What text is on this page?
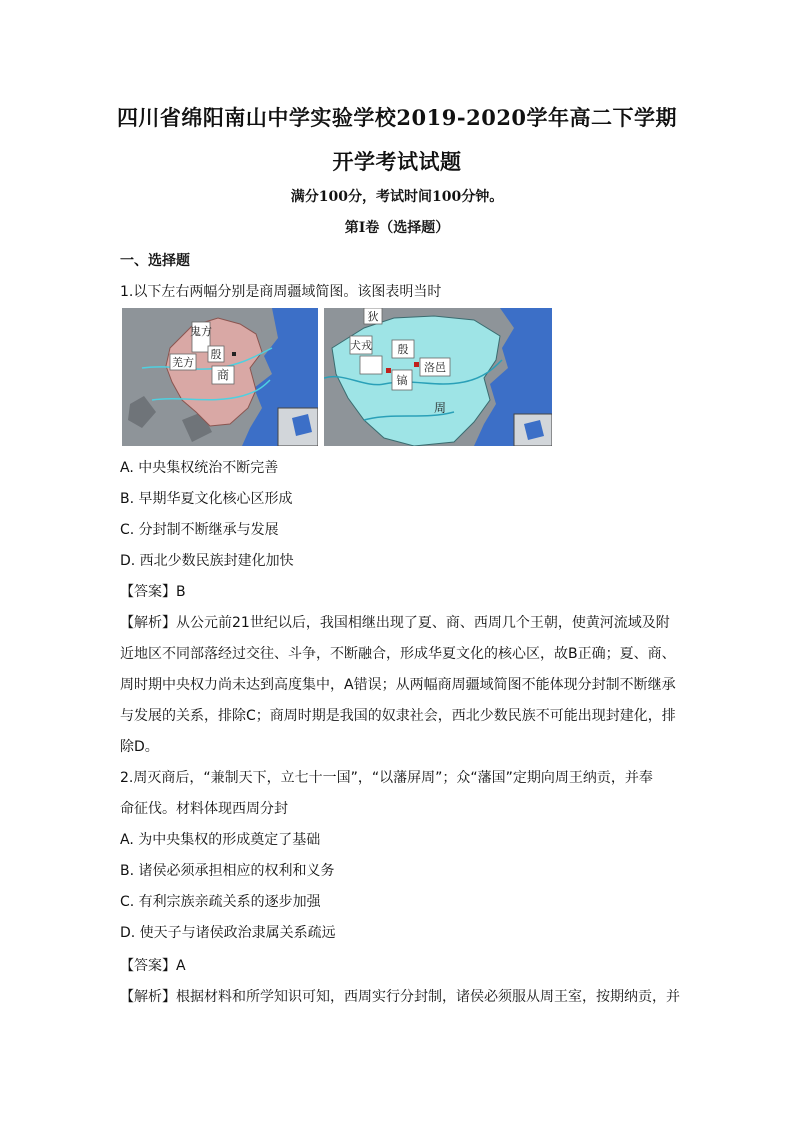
四川省绵阳南山中学实验学校2019-2020学年高二下学期
开学考试试题
满分100分，考试时间100分钟。
第Ⅰ卷（选择题）
一、选择题
1.以下左右两幅分别是商周疆域简图。该图表明当时
鬼方
羌方
殷
商
狄
犬戎 殷
洛邑
镐
周
A. 中央集权统治不断完善
B. 早期华夏文化核心区形成
C. 分封制不断继承与发展
D. 西北少数民族封建化加快
【答案】B
【解析】从公元前21世纪以后，我国相继出现了夏、商、西周几个王朝，使黄河流域及附
近地区不同部落经过交往、斗争，不断融合，形成华夏文化的核心区，故B正确；夏、商、
周时期中央权力尚未达到高度集中，A错误；从两幅商周疆域简图不能体现分封制不断继承
与发展的关系，排除C；商周时期是我国的奴隶社会，西北少数民族不可能出现封建化，排
除D。
2.周灭商后，“兼制天下，立七十一国”，“以藩屏周”；众“藩国”定期向周王纳贡，并奉
命征伐。材料体现西周分封
A. 为中央集权的形成奠定了基础
B. 诸侯必须承担相应的权利和义务
C. 有利宗族亲疏关系的逐步加强
D. 使天子与诸侯政治隶属关系疏远
【答案】A
【解析】根据材料和所学知识可知，西周实行分封制，诸侯必须服从周王室，按期纳贡，并
